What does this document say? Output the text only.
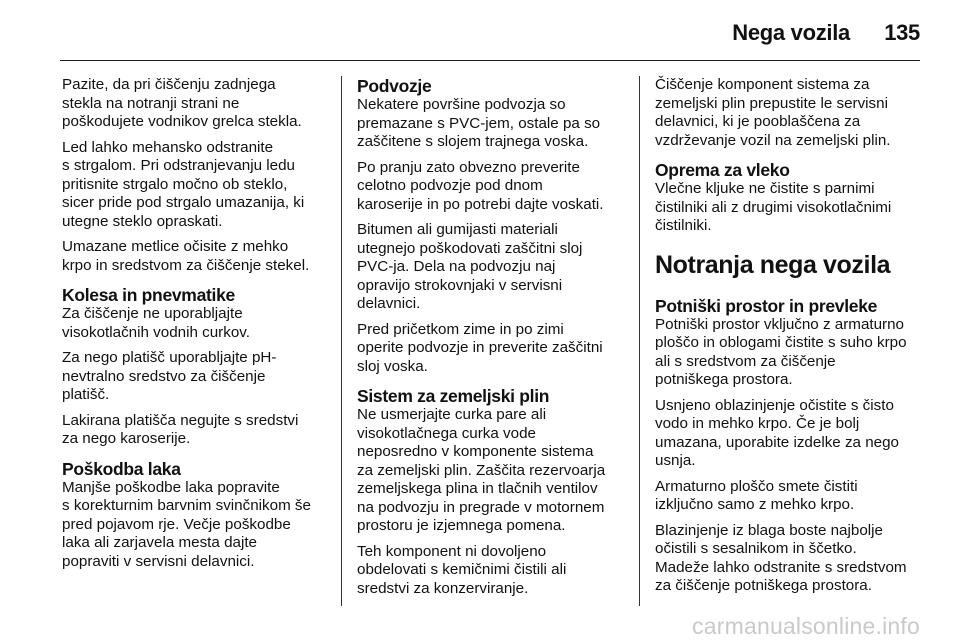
Nega vozila 135

Pazite, da pri čiščenju zadnjega
stekla na notranji strani ne
poškodujete vodnikov grelca stekla.

Led lahko mehansko odstranite
s strgalom. Pri odstranjevanju ledu
pritisnite strgalo močno ob steklo,
sicer pride pod strgalo umazanija, ki
utegne steklo opraskati.

Umazane metlice očisite z mehko
krpo in sredstvom za čiščenje stekel.

Kolesa in pnevmatike

Za čiščenje ne uporabljajte
visokotlačnih vodnih curkov.

Za nego platišč uporabljajte pH-
nevtralno sredstvo za čiščenje
platišč.

Lakirana platišča negujte s sredstvi
za nego karoserije.

Poškodba laka

Manjše poškodbe laka popravite
s korekturnim barvnim svinčnikom še
pred pojavom rje. Večje poškodbe
laka ali zarjavela mesta dajte
popraviti v servisni delavnici.

Podvozje

Nekatere površine podvozja so
premazane s PVC-jem, ostale pa so
zaščitene s slojem trajnega voska.

Po pranju zato obvezno preverite
celotno podvozje pod dnom
karoserije in po potrebi dajte voskati.

Bitumen ali gumijasti materiali
utegnejo poškodovati zaščitni sloj
PVC-ja. Dela na podvozju naj
opravijo strokovnjaki v servisni
delavnici.

Pred pričetkom zime in po zimi
operite podvozje in preverite zaščitni
sloj voska.

Sistem za zemeljski plin

Ne usmerjajte curka pare ali
visokotlačnega curka vode
neposredno v komponente sistema
za zemeljski plin. Zaščita rezervoarja
zemeljskega plina in tlačnih ventilov
na podvozju in pregrade v motornem
prostoru je izjemnega pomena.

Teh komponent ni dovoljeno
obdelovati s kemičnimi čistili ali
sredstvi za konzerviranje.

Čiščenje komponent sistema za
zemeljski plin prepustite le servisni
delavnici, ki je pooblaščena za
vzdrževanje vozil na zemeljski plin.

Oprema za vleko

Vlečne kljuke ne čistite s parnimi
čistilniki ali z drugimi visokotlačnimi
čistilniki.

Notranja nega vozila
Potniški prostor in prevleke

Potniški prostor vključno z armaturno
ploščo in oblogami čistite s suho krpo
ali s sredstvom za čiščenje
potniškega prostora.

Usnjeno oblazinjenje očistite s čisto
vodo in mehko krpo. Če je bolj
umazana, uporabite izdelke za nego
usnja.

Armaturno ploščo smete čistiti
izključno samo z mehko krpo.

Blazinjenje iz blaga boste najbolje
očistili s sesalnikom in ščetko.
Madeže lahko odstranite s sredstvom
za čiščenje potniškega prostora.

carmanualsonline.info
